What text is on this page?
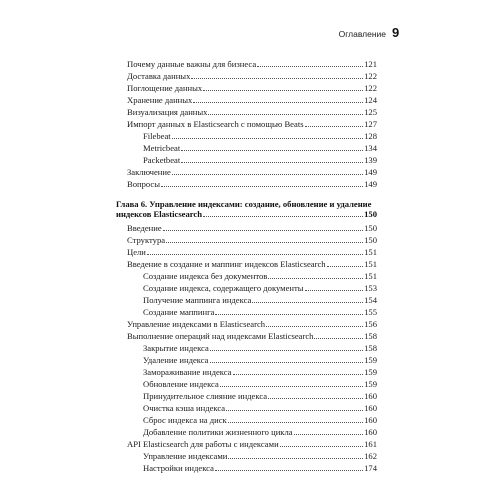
Оглавление 9
Почему данные важны для бизнеса	121
Доставка данных	122
Поглощение данных	122
Хранение данных	124
Визуализация данных	125
Импорт данных в Elasticsearch с помощью Beats	127
Filebeat	128
Metricbeat	134
Packetbeat	139
Заключение	149
Вопросы	149
Глава 6. Управление индексами: создание, обновление и удаление
индексов Elasticsearch	150
Введение	150
Структура	150
Цели	151
Введение в создание и маппинг индексов Elasticsearch	151
Создание индекса без документов	151
Создание индекса, содержащего документы	153
Получение маппинга индекса	154
Создание маппинга	155
Управление индексами в Elasticsearch	156
Выполнение операций над индексами Elasticsearch	158
Закрытие индекса	158
Удаление индекса	159
Замораживание индекса	159
Обновление индекса	159
Принудительное слияние индекса	160
Очистка кэша индекса	160
Сброс индекса на диск	160
Добавление политики жизненного цикла	160
API Elasticsearch для работы с индексами	161
Управление индексами	162
Настройки индекса	174
